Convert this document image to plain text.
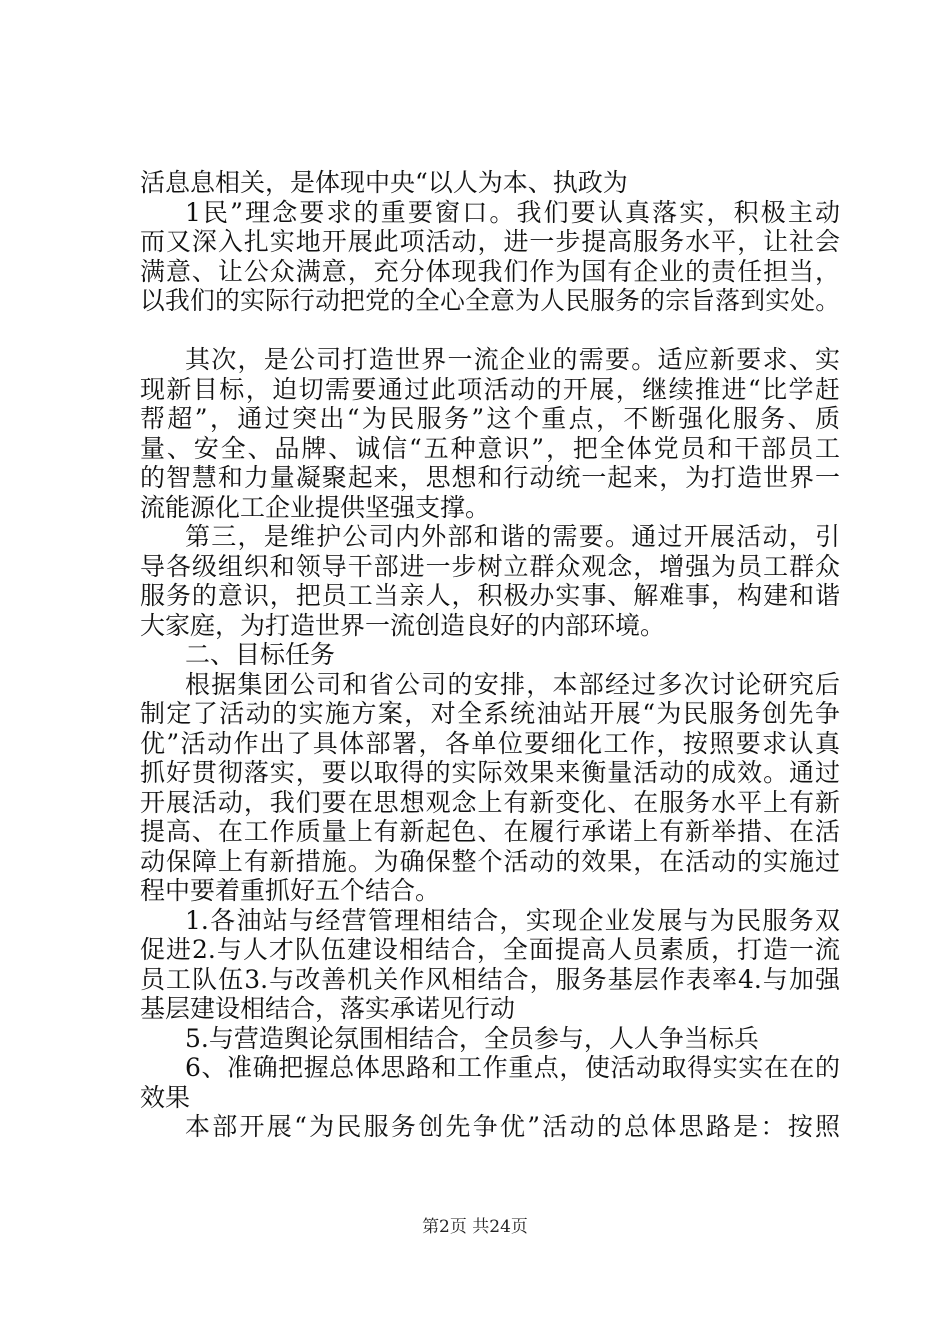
活息息相关，是体现中央“以人为本、执政为
1民”理念要求的重要窗口。我们要认真落实，积极主动
而又深入扎实地开展此项活动，进一步提高服务水平，让社会
满意、让公众满意，充分体现我们作为国有企业的责任担当，
以我们的实际行动把党的全心全意为人民服务的宗旨落到实处。
其次，是公司打造世界一流企业的需要。适应新要求、实
现新目标，迫切需要通过此项活动的开展，继续推进“比学赶
帮超”，通过突出“为民服务”这个重点，不断强化服务、质
量、安全、品牌、诚信“五种意识”，把全体党员和干部员工
的智慧和力量凝聚起来，思想和行动统一起来，为打造世界一
流能源化工企业提供坚强支撑。
第三，是维护公司内外部和谐的需要。通过开展活动，引
导各级组织和领导干部进一步树立群众观念，增强为员工群众
服务的意识，把员工当亲人，积极办实事、解难事，构建和谐
大家庭，为打造世界一流创造良好的内部环境。
二、目标任务
根据集团公司和省公司的安排，本部经过多次讨论研究后
制定了活动的实施方案，对全系统油站开展“为民服务创先争
优”活动作出了具体部署，各单位要细化工作，按照要求认真
抓好贯彻落实，要以取得的实际效果来衡量活动的成效。通过
开展活动，我们要在思想观念上有新变化、在服务水平上有新
提高、在工作质量上有新起色、在履行承诺上有新举措、在活
动保障上有新措施。为确保整个活动的效果，在活动的实施过
程中要着重抓好五个结合。
1.各油站与经营管理相结合，实现企业发展与为民服务双
促进2.与人才队伍建设相结合，全面提高人员素质，打造一流
员工队伍3.与改善机关作风相结合，服务基层作表率4.与加强
基层建设相结合，落实承诺见行动
5.与营造舆论氛围相结合，全员参与，人人争当标兵
6、准确把握总体思路和工作重点，使活动取得实实在在的
效果
本部开展“为民服务创先争优”活动的总体思路是：按照
第2页 共24页
